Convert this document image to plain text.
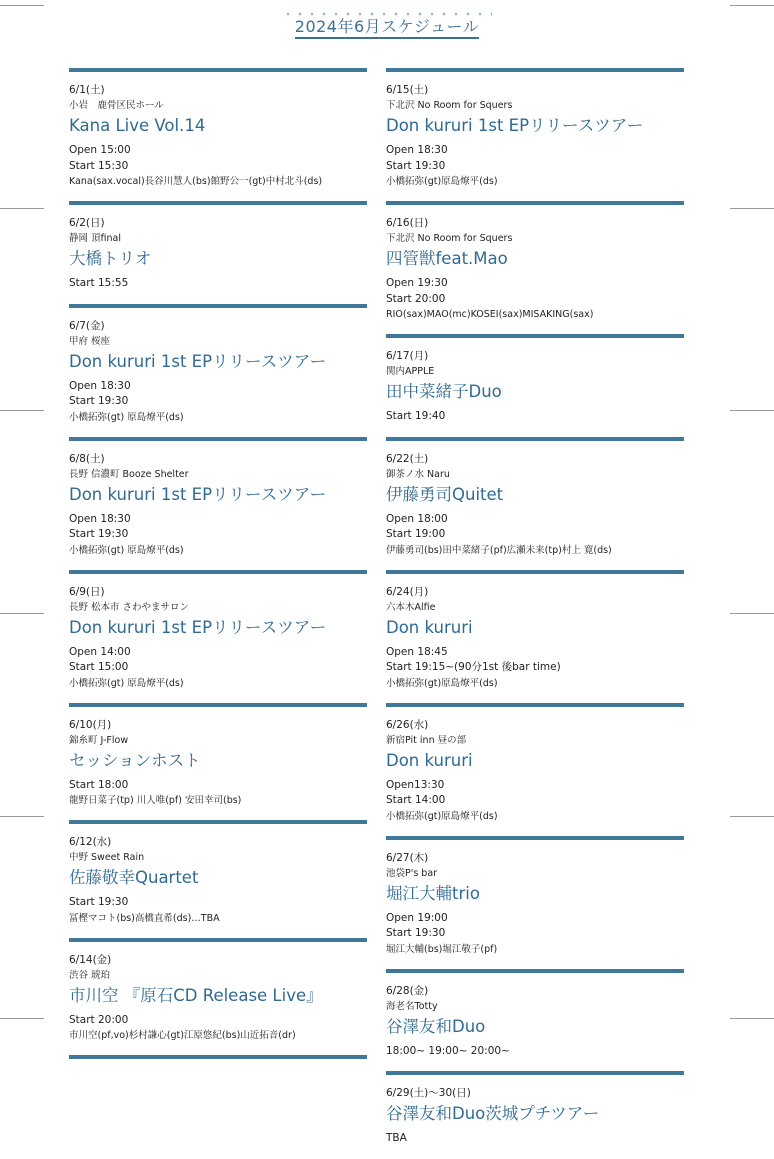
2024年6月スケジュール
6/1(土)
小岩　鹿骨区民ホール
Kana Live Vol.14
Open 15:00
Start 15:30
Kana(sax.vocal)長谷川慧人(bs)館野公一(gt)中村北斗(ds)
6/2(日)
静岡 頂final
大橋トリオ
Start 15:55
6/7(金)
甲府 桜座
Don kururi 1st EPリリースツアー
Open 18:30
Start 19:30
小橋拓弥(gt) 原島燎平(ds)
6/8(土)
長野 信濃町 Booze Shelter
Don kururi 1st EPリリースツアー
Open 18:30
Start 19:30
小橋拓弥(gt) 原島燎平(ds)
6/9(日)
長野 松本市 さわやまサロン
Don kururi 1st EPリリースツアー
Open 14:00
Start 15:00
小橋拓弥(gt) 原島燎平(ds)
6/10(月)
錦糸町 J-Flow
セッションホスト
Start 18:00
龍野日菜子(tp) 川人唯(pf) 安田幸司(bs)
6/12(水)
中野 Sweet Rain
佐藤敬幸Quartet
Start 19:30
冨樫マコト(bs)高橋直希(ds)…TBA
6/14(金)
渋谷 琥珀
市川空 『原石CD Release Live』
Start 20:00
市川空(pf,vo)杉村謙心(gt)江原悠紀(bs)山近拓音(dr)
6/15(土)
下北沢 No Room for Squers
Don kururi 1st EPリリースツアー
Open 18:30
Start 19:30
小橋拓弥(gt)原島燎平(ds)
6/16(日)
下北沢 No Room for Squers
四管獣feat.Mao
Open 19:30
Start 20:00
RIO(sax)MAO(mc)KOSEI(sax)MISAKING(sax)
6/17(月)
関内APPLE
田中菜緒子Duo
Start 19:40
6/22(土)
御茶ノ水 Naru
伊藤勇司Quitet
Open 18:00
Start 19:00
伊藤勇司(bs)田中菜緒子(pf)広瀬未来(tp)村上 寛(ds)
6/24(月)
六本木Alfie
Don kururi
Open 18:45
Start 19:15~(90分1st 後bar time)
小橋拓弥(gt)原島燎平(ds)
6/26(水)
新宿Pit inn 昼の部
Don kururi
Open13:30
Start 14:00
小橋拓弥(gt)原島燎平(ds)
6/27(木)
池袋P's bar
堀江大輔trio
Open 19:00
Start 19:30
堀江大輔(bs)堀江敬子(pf)
6/28(金)
海老名Totty
谷澤友和Duo
18:00~ 19:00~ 20:00~
6/29(土)〜30(日)
谷澤友和Duo茨城プチツアー
TBA
